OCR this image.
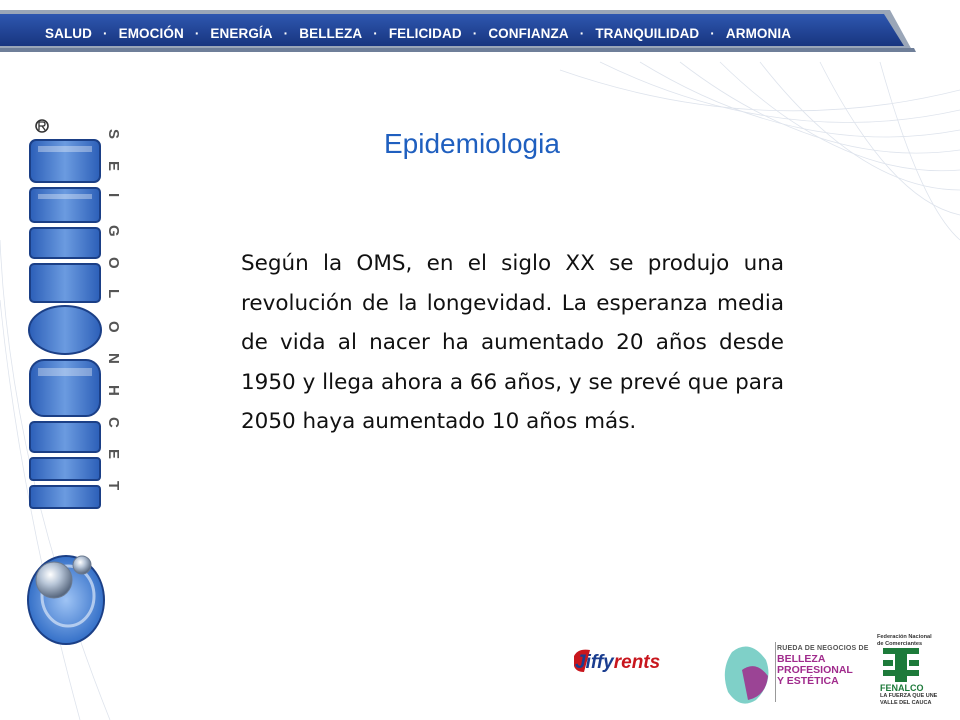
SALUD · EMOCIÓN · ENERGÍA · BELLEZA · FELICIDAD · CONFIANZA · TRANQUILIDAD · ARMONIA
S
E
I
G
O
L
O
N
H
C
E
T
Epidemiologia
Según la OMS, en el siglo XX se produjo una revolución de la longevidad. La esperanza media de vida al nacer ha aumentado 20 años desde 1950 y llega ahora a 66 años, y se prevé que para 2050 haya aumentado 10 años más.
Jiffyrents
RUEDA DE NEGOCIOS DE
BELLEZA
PROFESIONAL
Y ESTÉTICA
Federación Nacional de Comerciantes
FENALCO
LA FUERZA QUE UNE VALLE DEL CAUCA
